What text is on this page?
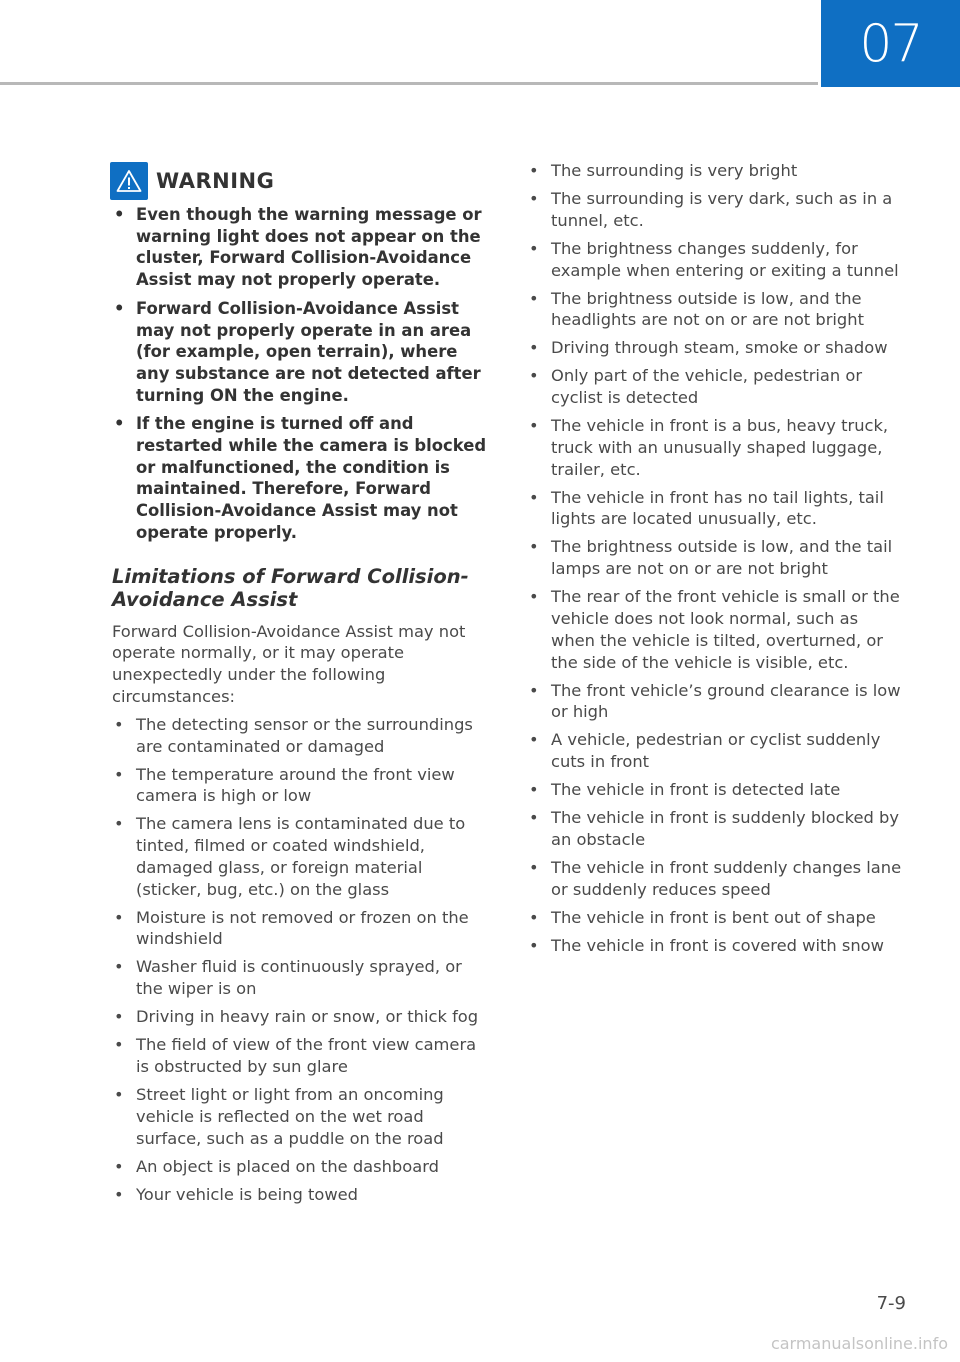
07
WARNING
• Even though the warning message or warning light does not appear on the cluster, Forward Collision-Avoidance Assist may not properly operate.
• Forward Collision-Avoidance Assist may not properly operate in an area (for example, open terrain), where any substance are not detected after turning ON the engine.
• If the engine is turned off and restarted while the camera is blocked or malfunctioned, the condition is maintained. Therefore, Forward Collision-Avoidance Assist may not operate properly.
Limitations of Forward Collision-Avoidance Assist

Forward Collision-Avoidance Assist may not operate normally, or it may operate unexpectedly under the following circumstances:

• The detecting sensor or the surroundings are contaminated or damaged
• The temperature around the front view camera is high or low
• The camera lens is contaminated due to tinted, filmed or coated windshield, damaged glass, or foreign material (sticker, bug, etc.) on the glass
• Moisture is not removed or frozen on the windshield
• Washer fluid is continuously sprayed, or the wiper is on
• Driving in heavy rain or snow, or thick fog
• The field of view of the front view camera is obstructed by sun glare
• Street light or light from an oncoming vehicle is reflected on the wet road surface, such as a puddle on the road
• An object is placed on the dashboard
• Your vehicle is being towed
• The surrounding is very bright
• The surrounding is very dark, such as in a tunnel, etc.
• The brightness changes suddenly, for example when entering or exiting a tunnel
• The brightness outside is low, and the headlights are not on or are not bright
• Driving through steam, smoke or shadow
• Only part of the vehicle, pedestrian or cyclist is detected
• The vehicle in front is a bus, heavy truck, truck with an unusually shaped luggage, trailer, etc.
• The vehicle in front has no tail lights, tail lights are located unusually, etc.
• The brightness outside is low, and the tail lamps are not on or are not bright
• The rear of the front vehicle is small or the vehicle does not look normal, such as when the vehicle is tilted, overturned, or the side of the vehicle is visible, etc.
• The front vehicle’s ground clearance is low or high
• A vehicle, pedestrian or cyclist suddenly cuts in front
• The vehicle in front is detected late
• The vehicle in front is suddenly blocked by an obstacle
• The vehicle in front suddenly changes lane or suddenly reduces speed
• The vehicle in front is bent out of shape
• The vehicle in front is covered with snow
7-9
carmanualsonline.info
